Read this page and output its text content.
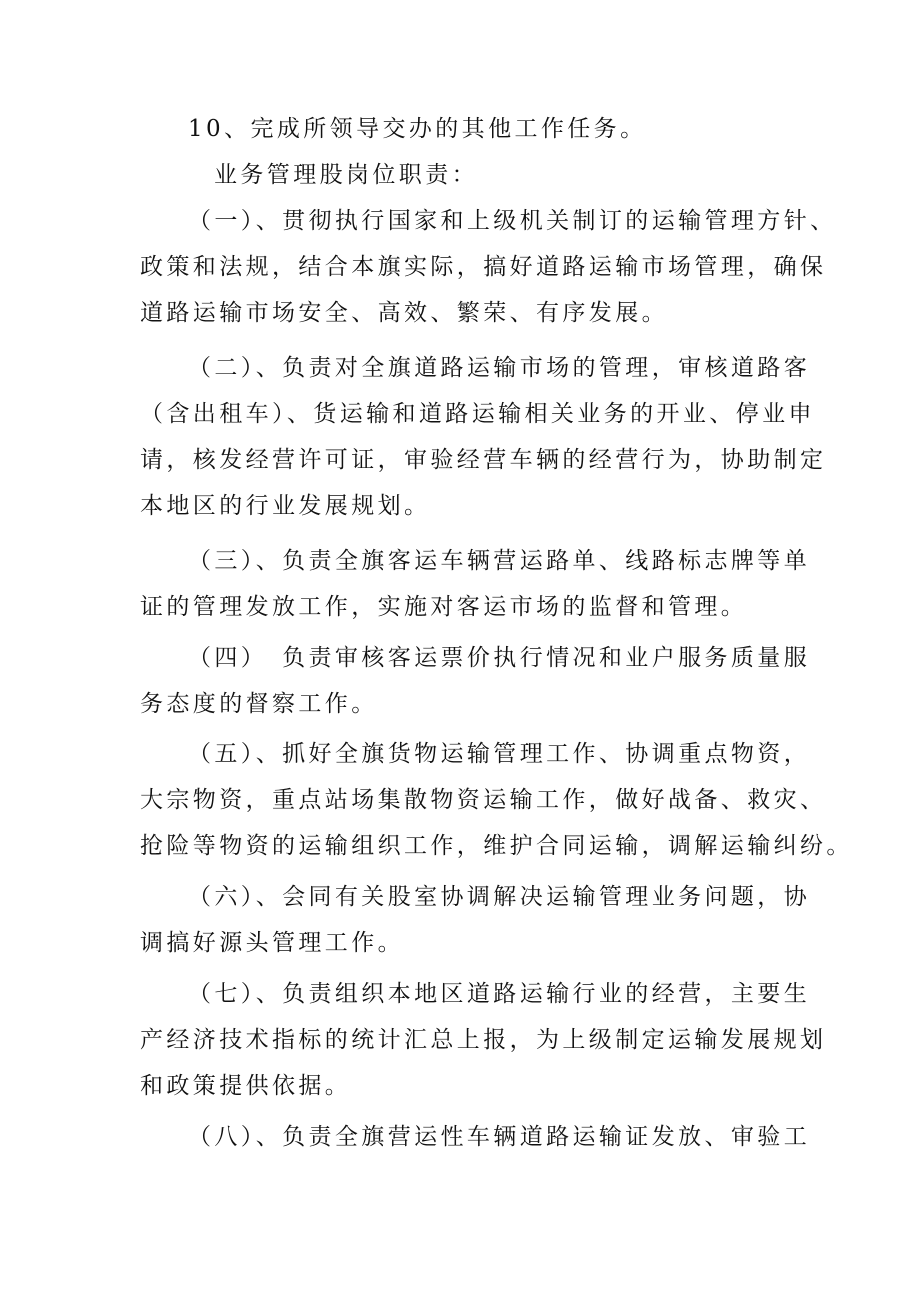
10、完成所领导交办的其他工作任务。
业务管理股岗位职责：
（一）、贯彻执行国家和上级机关制订的运输管理方针、
政策和法规，结合本旗实际，搞好道路运输市场管理，确保
道路运输市场安全、高效、繁荣、有序发展。
（二）、负责对全旗道路运输市场的管理，审核道路客
（含出租车）、货运输和道路运输相关业务的开业、停业申
请，核发经营许可证，审验经营车辆的经营行为，协助制定
本地区的行业发展规划。
（三）、负责全旗客运车辆营运路单、线路标志牌等单
证的管理发放工作，实施对客运市场的监督和管理。
（四）　负责审核客运票价执行情况和业户服务质量服
务态度的督察工作。
（五）、抓好全旗货物运输管理工作、协调重点物资，
大宗物资，重点站场集散物资运输工作，做好战备、救灾、
抢险等物资的运输组织工作，维护合同运输，调解运输纠纷。
（六）、会同有关股室协调解决运输管理业务问题，协
调搞好源头管理工作。
（七）、负责组织本地区道路运输行业的经营，主要生
产经济技术指标的统计汇总上报，为上级制定运输发展规划
和政策提供依据。
（八）、负责全旗营运性车辆道路运输证发放、审验工
